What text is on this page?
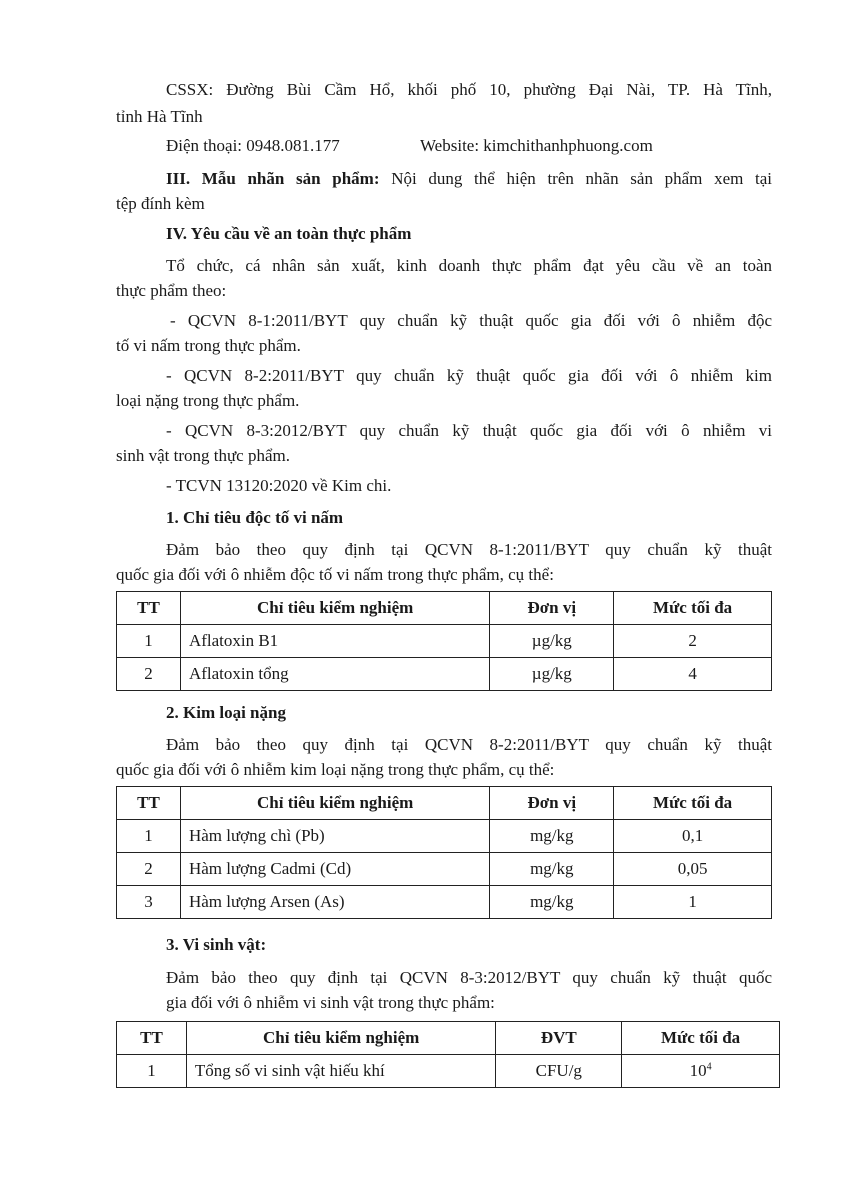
CSSX: Đường Bùi Cầm Hổ, khối phố 10, phường Đại Nài, TP. Hà Tĩnh,
tỉnh Hà Tĩnh
Điện thoại: 0948.081.177	Website: kimchithanhphuong.com
III. Mẫu nhãn sản phẩm: Nội dung thể hiện trên nhãn sản phẩm xem tại
tệp đính kèm
IV. Yêu cầu về an toàn thực phẩm
Tổ chức, cá nhân sản xuất, kinh doanh thực phẩm đạt yêu cầu về an toàn
thực phẩm theo:
- QCVN 8-1:2011/BYT quy chuẩn kỹ thuật quốc gia đối với ô nhiễm độc
tố vi nấm trong thực phẩm.
- QCVN 8-2:2011/BYT quy chuẩn kỹ thuật quốc gia đối với ô nhiễm kim
loại nặng trong thực phẩm.
- QCVN 8-3:2012/BYT quy chuẩn kỹ thuật quốc gia đối với ô nhiễm vi
sinh vật trong thực phẩm.
- TCVN 13120:2020 về Kim chi.
1. Chỉ tiêu độc tố vi nấm
Đảm bảo theo quy định tại QCVN 8-1:2011/BYT quy chuẩn kỹ thuật
quốc gia đối với ô nhiễm độc tố vi nấm trong thực phẩm, cụ thể:
TT	Chỉ tiêu kiểm nghiệm	Đơn vị	Mức tối đa
1	Aflatoxin B1	µg/kg	2
2	Aflatoxin tổng	µg/kg	4
2. Kim loại nặng
Đảm bảo theo quy định tại QCVN 8-2:2011/BYT quy chuẩn kỹ thuật
quốc gia đối với ô nhiễm kim loại nặng trong thực phẩm, cụ thể:
TT	Chỉ tiêu kiểm nghiệm	Đơn vị	Mức tối đa
1	Hàm lượng chì (Pb)	mg/kg	0,1
2	Hàm lượng Cadmi (Cd)	mg/kg	0,05
3	Hàm lượng Arsen (As)	mg/kg	1
3. Vi sinh vật:
Đảm bảo theo quy định tại QCVN 8-3:2012/BYT quy chuẩn kỹ thuật quốc
gia đối với ô nhiễm vi sinh vật trong thực phẩm:
TT	Chỉ tiêu kiểm nghiệm	ĐVT	Mức tối đa
1	Tổng số vi sinh vật hiếu khí	CFU/g	$10^4$
